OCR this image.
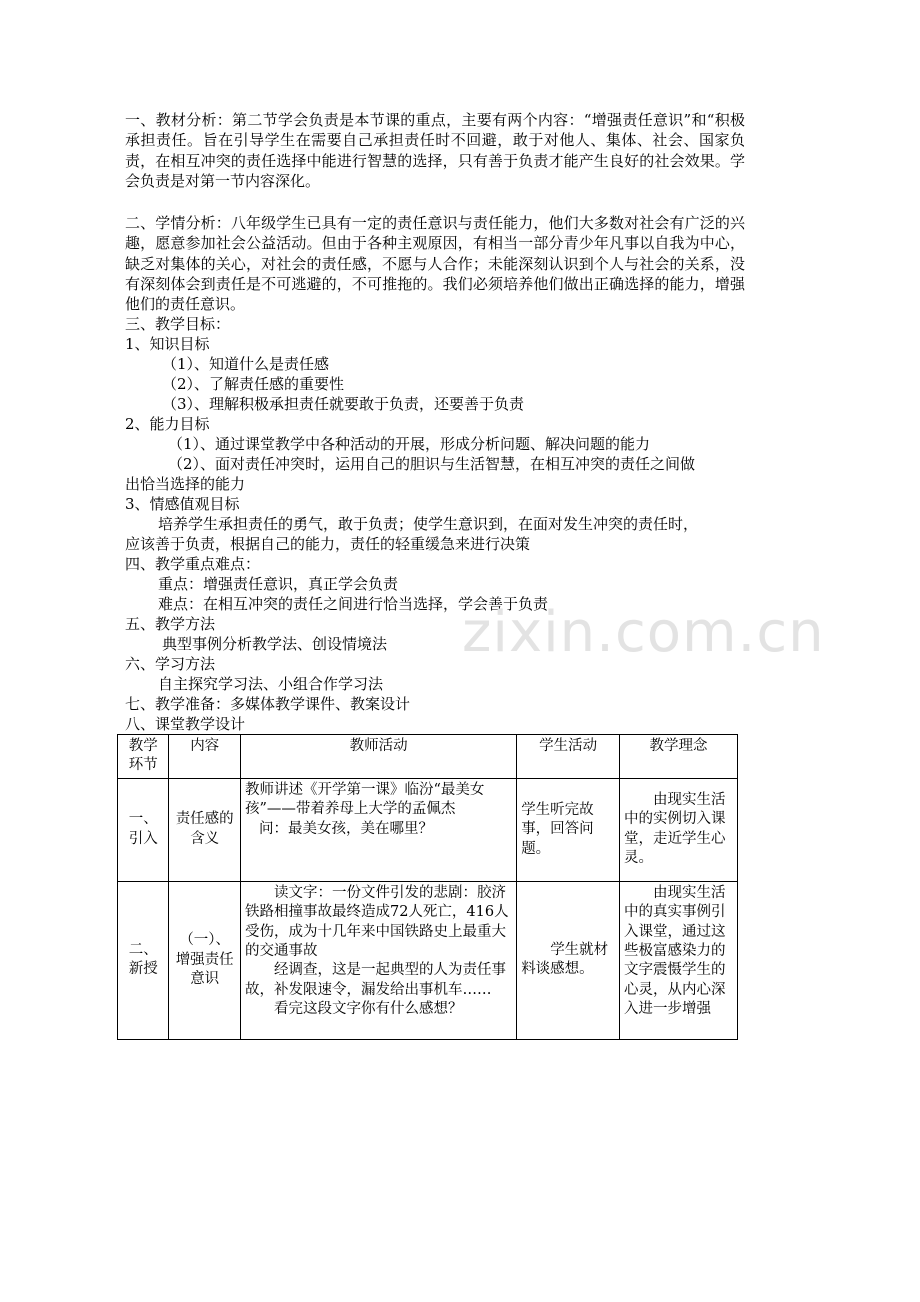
一、教材分析：第二节学会负责是本节课的重点，主要有两个内容：“增强责任意识”和“积极承担责任。旨在引导学生在需要自己承担责任时不回避，敢于对他人、集体、社会、国家负责，在相互冲突的责任选择中能进行智慧的选择，只有善于负责才能产生良好的社会效果。学会负责是对第一节内容深化。
二、学情分析：八年级学生已具有一定的责任意识与责任能力，他们大多数对社会有广泛的兴趣，愿意参加社会公益活动。但由于各种主观原因，有相当一部分青少年凡事以自我为中心，缺乏对集体的关心，对社会的责任感，不愿与人合作；未能深刻认识到个人与社会的关系，没有深刻体会到责任是不可逃避的，不可推拖的。我们必须培养他们做出正确选择的能力，增强他们的责任意识。
三、教学目标：
1、知识目标
（1）、知道什么是责任感
（2）、了解责任感的重要性
（3）、理解积极承担责任就要敢于负责，还要善于负责
2、能力目标
（1）、通过课堂教学中各种活动的开展，形成分析问题、解决问题的能力
（2）、面对责任冲突时，运用自己的胆识与生活智慧，在相互冲突的责任之间做
出恰当选择的能力
3、情感值观目标
培养学生承担责任的勇气，敢于负责；使学生意识到，在面对发生冲突的责任时，
应该善于负责，根据自己的能力，责任的轻重缓急来进行决策
四、教学重点难点：
重点：增强责任意识，真正学会负责
难点：在相互冲突的责任之间进行恰当选择，学会善于负责
五、教学方法
典型事例分析教学法、创设情境法
六、学习方法
自主探究学习法、小组合作学习法
七、教学准备：多媒体教学课件、教案设计
八、课堂教学设计
zixin.com.cn
教学环节	内容	教师活动	学生活动	教学理念
一、引入	责任感的含义	教师讲述《开学第一课》临汾“最美女孩”——带着养母上大学的孟佩杰
问：最美女孩，美在哪里？	学生听完故事，回答问题。	由现实生活中的实例切入课堂，走近学生心灵。
二、新授	（一）、增强责任意识	读文字：一份文件引发的悲剧：胶济铁路相撞事故最终造成72人死亡，416人受伤，成为十几年来中国铁路史上最重大的交通事故
经调查，这是一起典型的人为责任事故，补发限速令，漏发给出事机车……
看完这段文字你有什么感想？	学生就材料谈感想。	由现实生活中的真实事例引入课堂，通过这些极富感染力的文字震慑学生的心灵，从内心深入进一步增强
